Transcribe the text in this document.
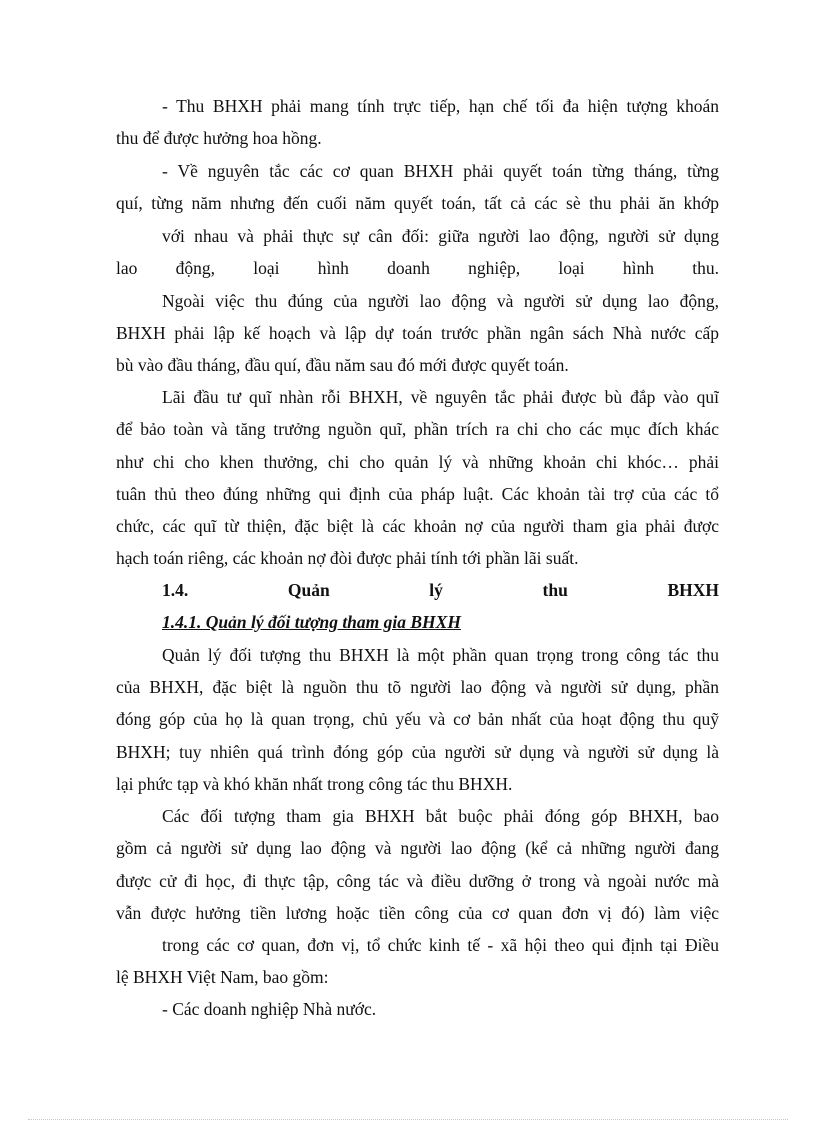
- Thu BHXH phải mang tính trực tiếp, hạn chế tối đa hiện tượng khoán
thu để được hưởng hoa hồng.
- Về nguyên tắc các cơ quan BHXH phải quyết toán từng tháng, từng
quí, từng năm nhưng đến cuối năm quyết toán, tất cả các sè thu phải ăn khớp
với nhau và phải thực sự cân đối: giữa người lao động, người sử dụng
lao động, loại hình doanh nghiệp, loại hình thu.
Ngoài việc thu đúng của người lao động và người sử dụng lao động,
BHXH phải lập kế hoạch và lập dự toán trước phần ngân sách Nhà nước cấp
bù vào đầu tháng, đầu quí, đầu năm sau đó mới được quyết toán.
Lãi đầu tư quĩ nhàn rỗi BHXH, về nguyên tắc phải được bù đắp vào quĩ
để bảo toàn và tăng trưởng nguồn quĩ, phần trích ra chi cho các mục đích khác
như chi cho khen thưởng, chi cho quản lý và những khoản chi khóc… phải
tuân thủ theo đúng những qui định của pháp luật. Các khoản tài trợ của các tổ
chức, các quĩ từ thiện, đặc biệt là các khoản nợ của người tham gia phải được
hạch toán riêng, các khoản nợ đòi được phải tính tới phần lãi suất.
1.4. Quản lý thu BHXH
1.4.1. Quản lý đối tượng tham gia BHXH
Quản lý đối tượng thu BHXH là một phần quan trọng trong công tác thu
của BHXH, đặc biệt là nguồn thu tõ người lao động và người sử dụng, phần
đóng góp của họ là quan trọng, chủ yếu và cơ bản nhất của hoạt động thu quỹ
BHXH; tuy nhiên quá trình đóng góp của người sử dụng và người sử dụng là
lại phức tạp và khó khăn nhất trong công tác thu BHXH.
Các đối tượng tham gia BHXH bắt buộc phải đóng góp BHXH, bao
gồm cả người sử dụng lao động và người lao động (kể cả những người đang
được cử đi học, đi thực tập, công tác và điều dưỡng ở trong và ngoài nước mà
vẫn được hưởng tiền lương hoặc tiền công của cơ quan đơn vị đó) làm việc
trong các cơ quan, đơn vị, tổ chức kinh tế - xã hội theo qui định tại Điều
lệ BHXH Việt Nam, bao gồm:
- Các doanh nghiệp Nhà nước.
